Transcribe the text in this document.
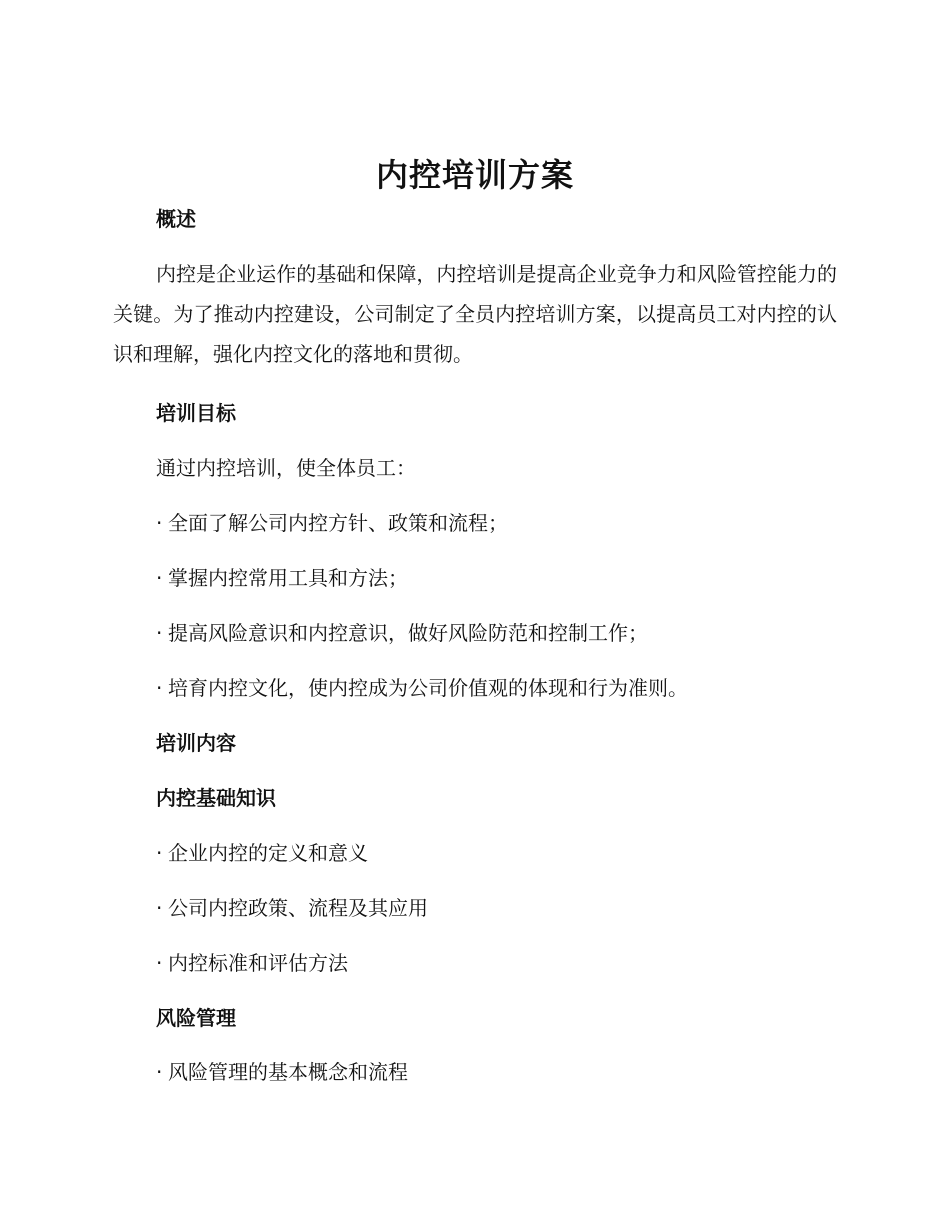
内控培训方案
概述
内控是企业运作的基础和保障，内控培训是提高企业竞争力和风险管控能力的关键。为了推动内控建设，公司制定了全员内控培训方案，以提高员工对内控的认识和理解，强化内控文化的落地和贯彻。
培训目标
通过内控培训，使全体员工：
· 全面了解公司内控方针、政策和流程；
· 掌握内控常用工具和方法；
· 提高风险意识和内控意识，做好风险防范和控制工作；
· 培育内控文化，使内控成为公司价值观的体现和行为准则。
培训内容
内控基础知识
· 企业内控的定义和意义
· 公司内控政策、流程及其应用
· 内控标准和评估方法
风险管理
· 风险管理的基本概念和流程
